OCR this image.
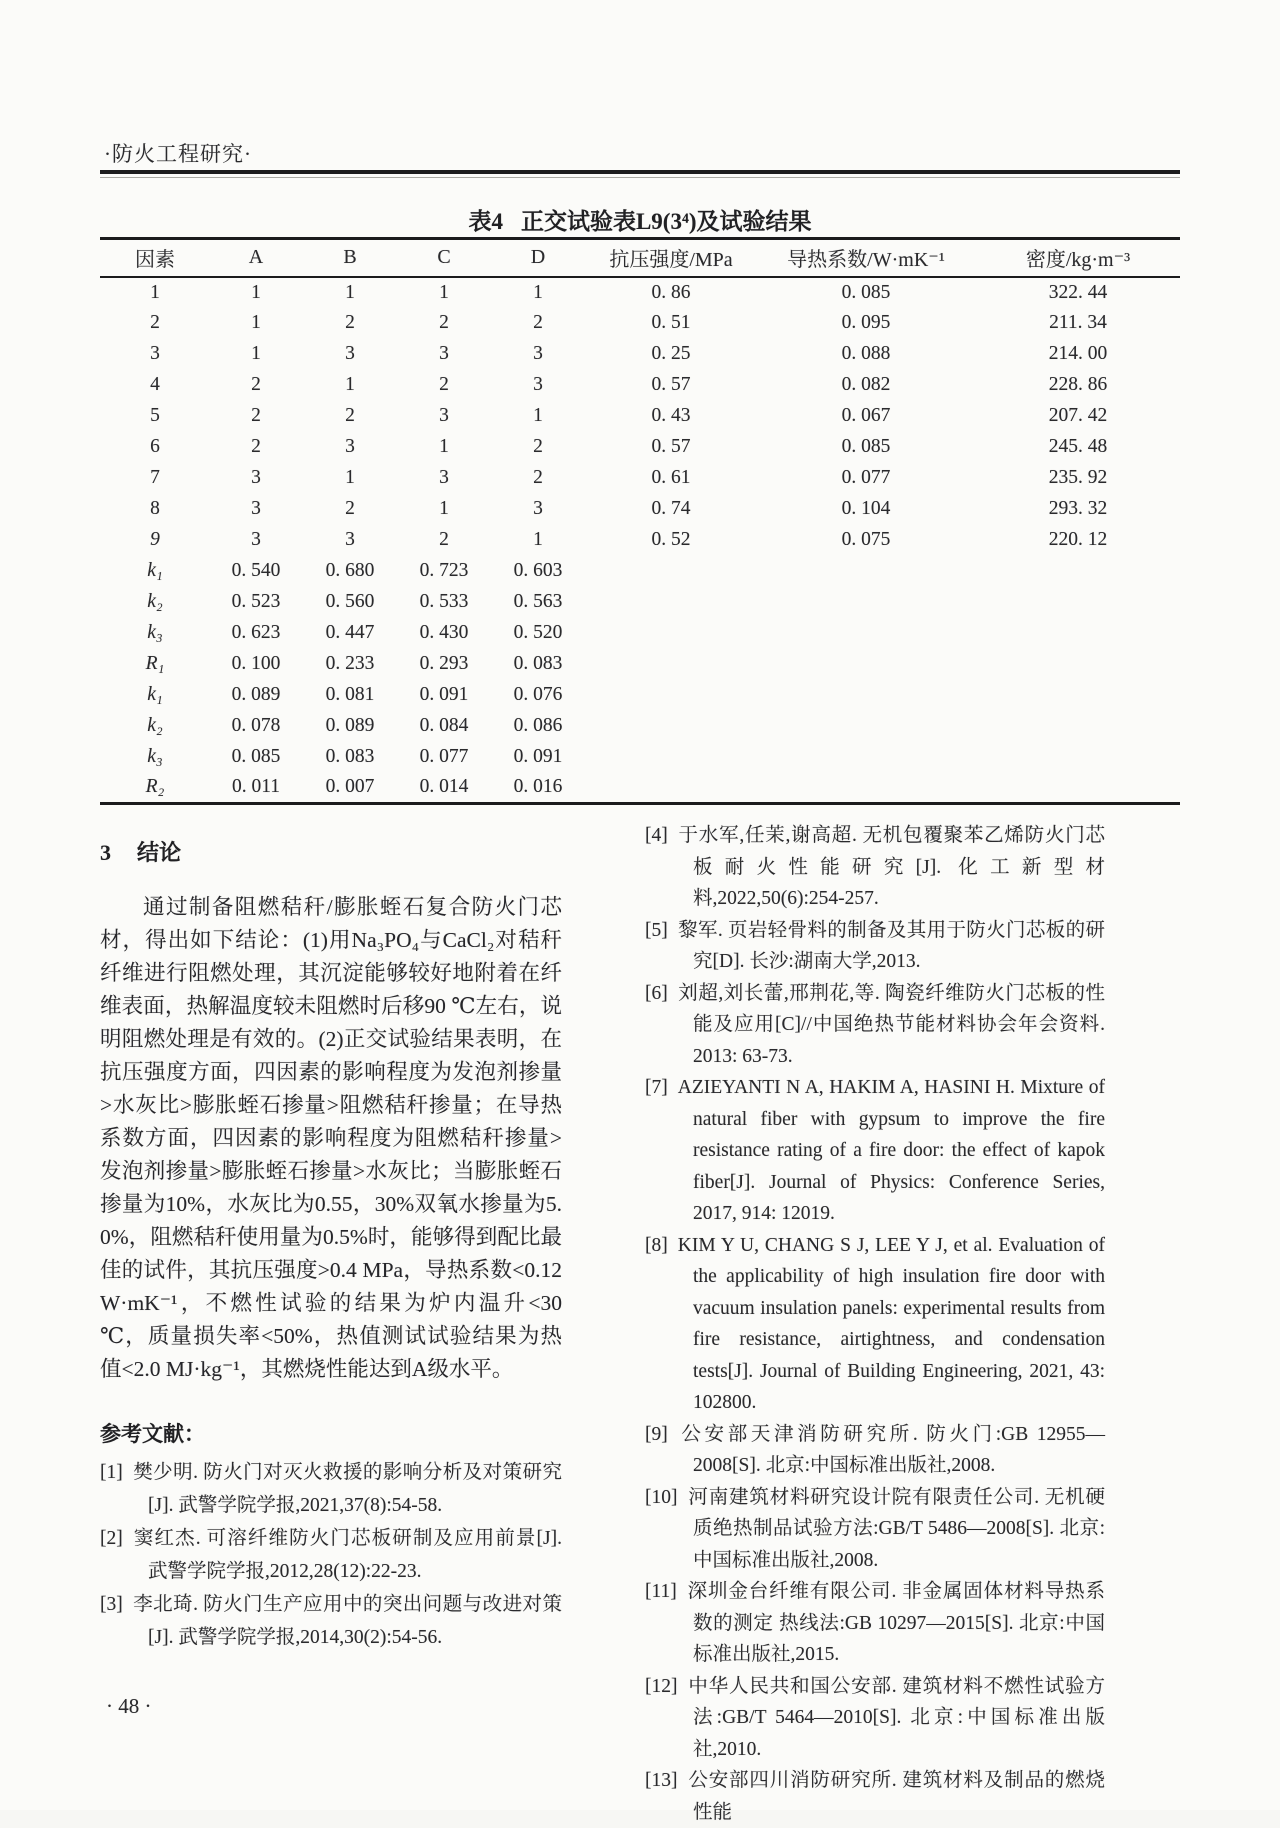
·防火工程研究·
表4 正交试验表L9(3⁴)及试验结果
因素	A	B	C	D	抗压强度/MPa	导热系数/W·mK⁻¹	密度/kg·m⁻³
1	1	1	1	1	0. 86	0. 085	322. 44
2	1	2	2	2	0. 51	0. 095	211. 34
3	1	3	3	3	0. 25	0. 088	214. 00
4	2	1	2	3	0. 57	0. 082	228. 86
5	2	2	3	1	0. 43	0. 067	207. 42
6	2	3	1	2	0. 57	0. 085	245. 48
7	3	1	3	2	0. 61	0. 077	235. 92
8	3	2	1	3	0. 74	0. 104	293. 32
9	3	3	2	1	0. 52	0. 075	220. 12
k₁	0. 540	0. 680	0. 723	0. 603			
k₂	0. 523	0. 560	0. 533	0. 563			
k₃	0. 623	0. 447	0. 430	0. 520			
R₁	0. 100	0. 233	0. 293	0. 083			
k₁	0. 089	0. 081	0. 091	0. 076			
k₂	0. 078	0. 089	0. 084	0. 086			
k₃	0. 085	0. 083	0. 077	0. 091			
R₂	0. 011	0. 007	0. 014	0. 016			
3 结论

通过制备阻燃秸秆/膨胀蛭石复合防火门芯材，得出如下结论：(1)用Na₃PO₄与CaCl₂对秸秆纤维进行阻燃处理，其沉淀能够较好地附着在纤维表面，热解温度较未阻燃时后移90 ℃左右，说明阻燃处理是有效的。(2)正交试验结果表明，在抗压强度方面，四因素的影响程度为发泡剂掺量>水灰比>膨胀蛭石掺量>阻燃秸秆掺量；在导热系数方面，四因素的影响程度为阻燃秸秆掺量>发泡剂掺量>膨胀蛭石掺量>水灰比；当膨胀蛭石掺量为10%，水灰比为0.55，30%双氧水掺量为5.0%，阻燃秸秆使用量为0.5%时，能够得到配比最佳的试件，其抗压强度>0.4 MPa，导热系数<0.12 W·mK⁻¹，不燃性试验的结果为炉内温升<30 ℃，质量损失率<50%，热值测试试验结果为热值<2.0 MJ·kg⁻¹，其燃烧性能达到A级水平。

参考文献：
[1] 樊少明. 防火门对灭火救援的影响分析及对策研究[J]. 武警学院学报,2021,37(8):54-58.
[2] 窦红杰. 可溶纤维防火门芯板研制及应用前景[J]. 武警学院学报,2012,28(12):22-23.
[3] 李北琦. 防火门生产应用中的突出问题与改进对策[J]. 武警学院学报,2014,30(2):54-56.
[4] 于水军,任茉,谢高超. 无机包覆聚苯乙烯防火门芯板耐火性能研究[J]. 化工新型材料,2022,50(6):254-257.
[5] 黎军. 页岩轻骨料的制备及其用于防火门芯板的研究[D]. 长沙:湖南大学,2013.
[6] 刘超,刘长蕾,邢荆花,等. 陶瓷纤维防火门芯板的性能及应用[C]//中国绝热节能材料协会年会资料. 2013: 63-73.
[7] AZIEYANTI N A, HAKIM A, HASINI H. Mixture of natural fiber with gypsum to improve the fire resistance rating of a fire door: the effect of kapok fiber[J]. Journal of Physics: Conference Series, 2017, 914: 12019.
[8] KIM Y U, CHANG S J, LEE Y J, et al. Evaluation of the applicability of high insulation fire door with vacuum insulation panels: experimental results from fire resistance, airtightness, and condensation tests[J]. Journal of Building Engineering, 2021, 43: 102800.
[9] 公安部天津消防研究所. 防火门:GB 12955—2008[S]. 北京:中国标准出版社,2008.
[10] 河南建筑材料研究设计院有限责任公司. 无机硬质绝热制品试验方法:GB/T 5486—2008[S]. 北京:中国标准出版社,2008.
[11] 深圳金台纤维有限公司. 非金属固体材料导热系数的测定 热线法:GB 10297—2015[S]. 北京:中国标准出版社,2015.
[12] 中华人民共和国公安部. 建筑材料不燃性试验方法:GB/T 5464—2010[S]. 北京:中国标准出版社,2010.
[13] 公安部四川消防研究所. 建筑材料及制品的燃烧性能
· 48 ·
